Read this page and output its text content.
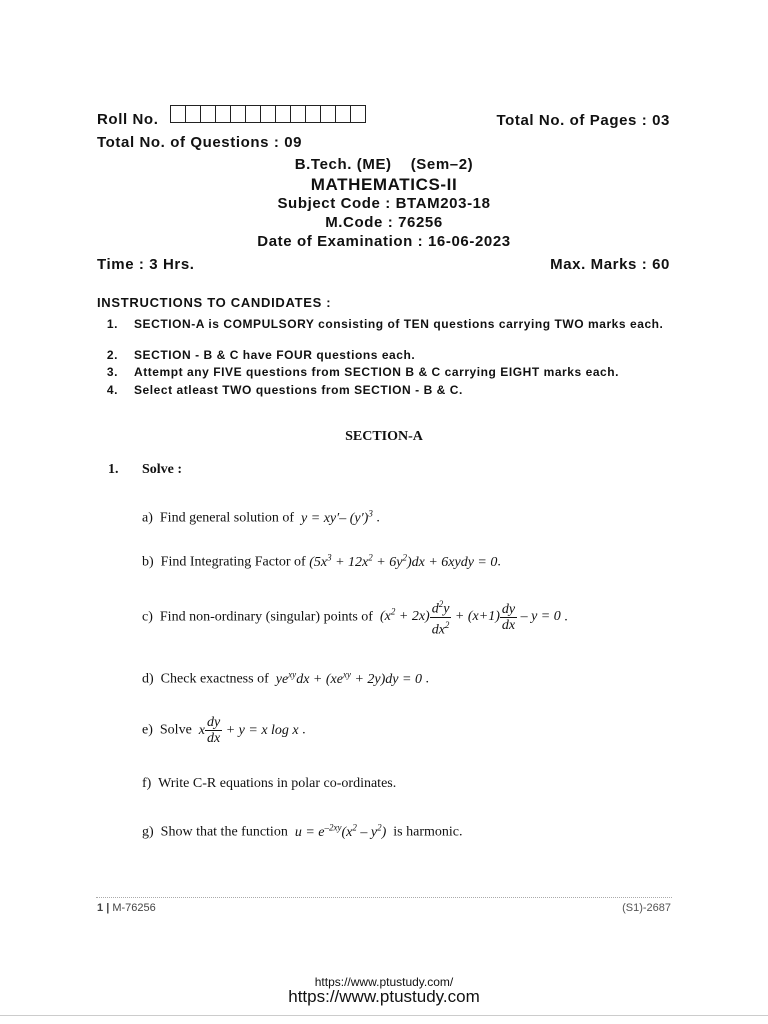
Roll No.	Total No. of Pages : 03
Total No. of Questions : 09
B.Tech. (ME)    (Sem–2)
MATHEMATICS-II
Subject Code : BTAM203-18
M.Code : 76256
Date of Examination : 16-06-2023
Time : 3 Hrs.	Max. Marks : 60
INSTRUCTIONS TO CANDIDATES :
1. SECTION-A is COMPULSORY consisting of TEN questions carrying TWO marks each.
2. SECTION - B & C have FOUR questions each.
3. Attempt any FIVE questions from SECTION B & C carrying EIGHT marks each.
4. Select atleast TWO questions from SECTION - B & C.
SECTION-A
1. Solve :
a) Find general solution of  y = xy′– $(y')^3$ .
b) Find Integrating Factor of $(5x^3 + 12x^2 + 6y^2)dx$ + 6xydy = 0.
c) Find non-ordinary (singular) points of  $(x^2 + 2x) \frac{d^2y}{dx^2} + (x+1) \frac{dy}{dx} - y = 0$ .
d) Check exactness of  $ye^{xy}dx + (xe^{xy} + 2y)dy = 0$ .
e) Solve  x $\frac{dy}{dx} + y = x$ log x .
f) Write C-R equations in polar co-ordinates.
g) Show that the function  $u = e^{-2xy}(x^2 - y^2)$ is harmonic.
1 | M-76256	(S1)-2687
https://www.ptustudy.com/
https://www.ptustudy.com
